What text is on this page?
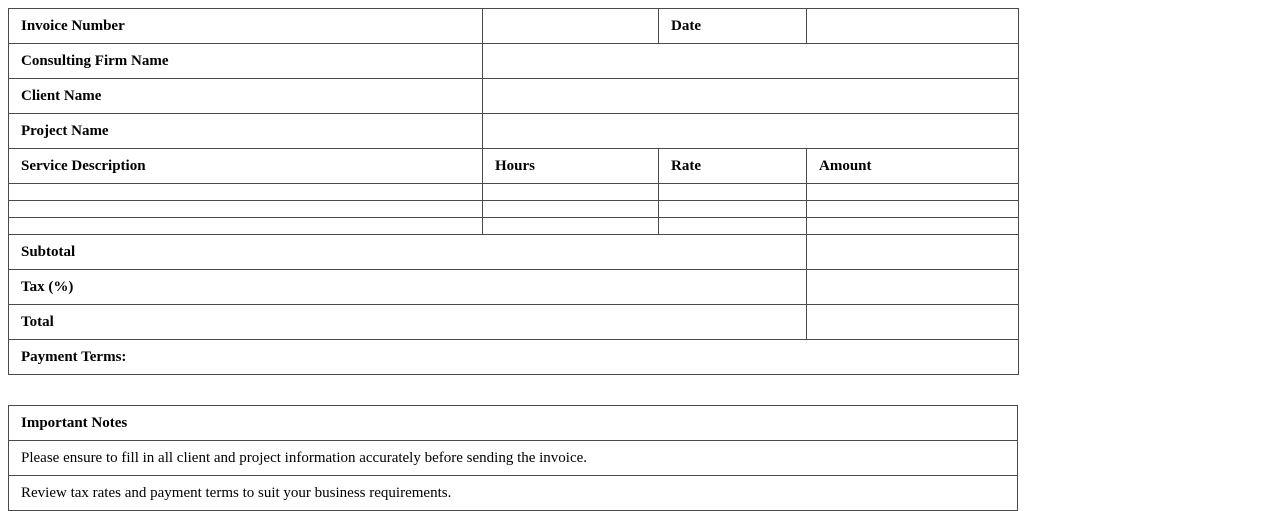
Invoice Number		Date	
Consulting Firm Name			
Client Name			
Project Name			
Service Description	Hours	Rate	Amount

Subtotal			
Tax (%)			
Total			
Payment Terms:			
Important Notes
Please ensure to fill in all client and project information accurately before sending the invoice.
Review tax rates and payment terms to suit your business requirements.
